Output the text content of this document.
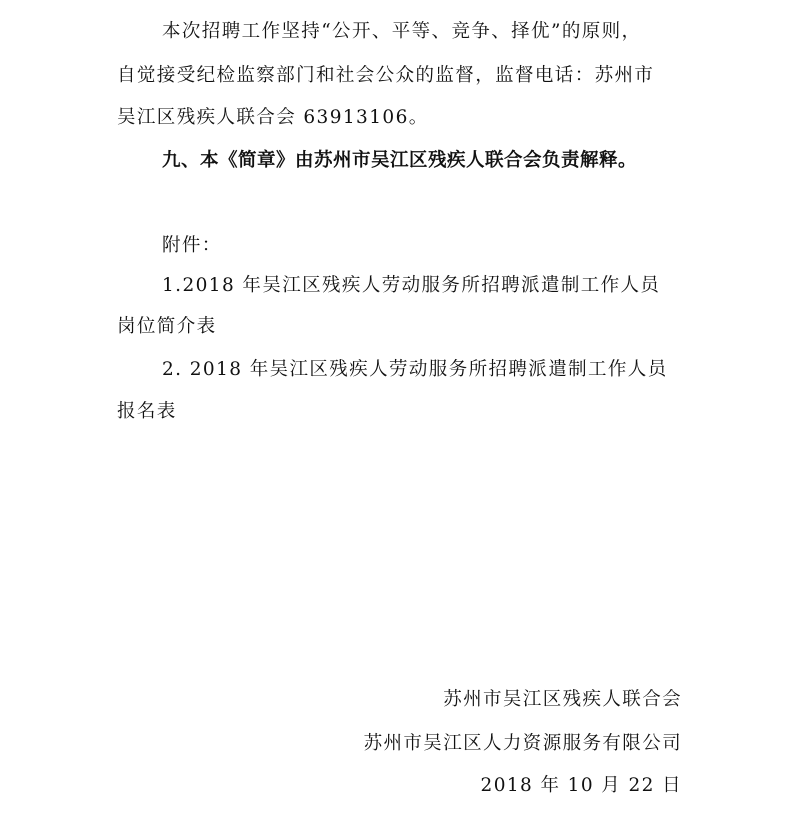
本次招聘工作坚持“公开、平等、竞争、择优”的原则，
自觉接受纪检监察部门和社会公众的监督，监督电话：苏州市
吴江区残疾人联合会 63913106。
九、本《简章》由苏州市吴江区残疾人联合会负责解释。
附件：
1.2018 年吴江区残疾人劳动服务所招聘派遣制工作人员
岗位简介表
2. 2018 年吴江区残疾人劳动服务所招聘派遣制工作人员
报名表
苏州市吴江区残疾人联合会
苏州市吴江区人力资源服务有限公司
2018 年 10 月 22 日
